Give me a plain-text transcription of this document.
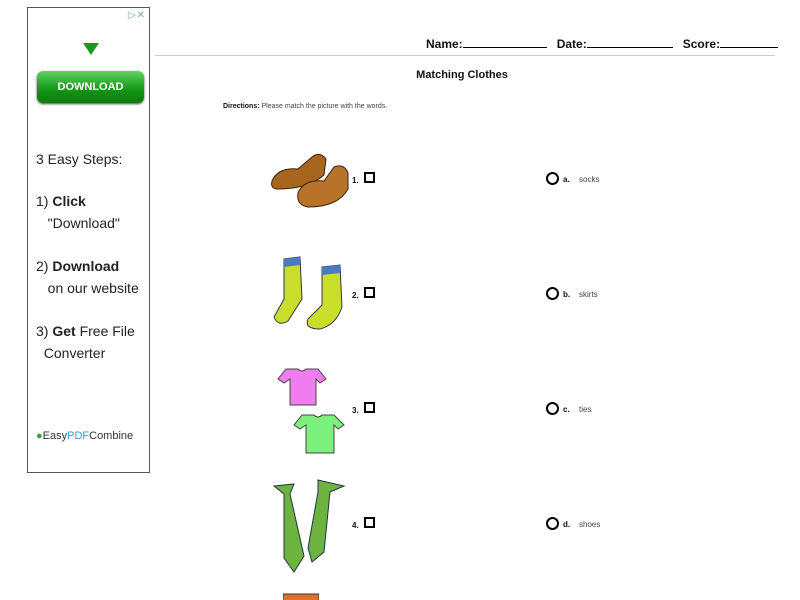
▷✕
DOWNLOAD
3 Easy Steps:
1) Click
"Download"
2) Download
on our website
3) Get Free File
Converter
●EasyPDFCombine
Name:	Date:	Score:
Matching Clothes
Directions: Please match the picture with the words.
1.
2.
3.
4.
a. socks
b. skirts
c. ties
d. shoes
